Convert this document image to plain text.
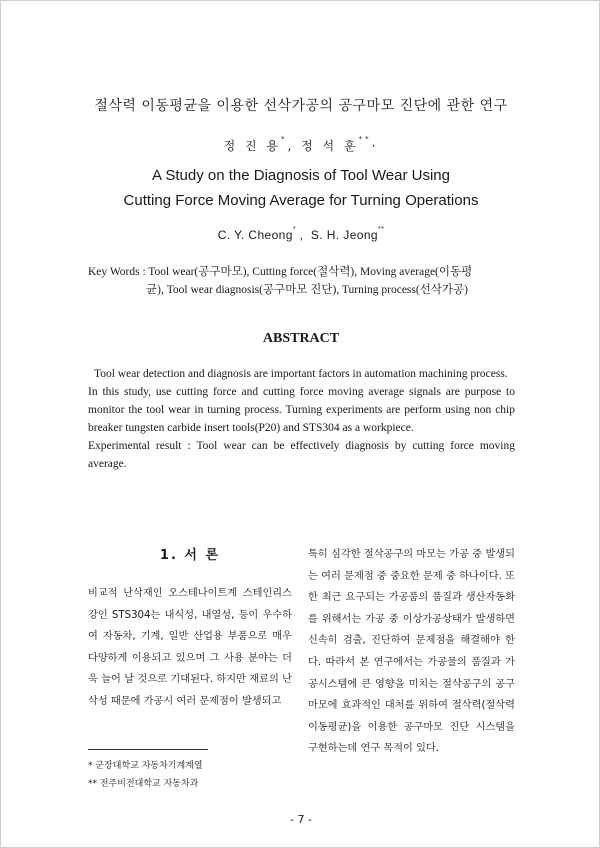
절삭력 이동평균을 이용한 선삭가공의 공구마모 진단에 관한 연구
정 진 용*, 정 석 훈**·
A Study on the Diagnosis of Tool Wear Using
Cutting Force Moving Average for Turning Operations
C. Y. Cheong* ,  S. H. Jeong**
Key Words : Tool wear(공구마모), Cutting force(절삭력), Moving average(이동평
균), Tool wear diagnosis(공구마모 진단), Turning process(선삭가공)
ABSTRACT

Tool wear detection and diagnosis are important factors in automation machining process.

In this study, use cutting force and cutting force moving average signals are purpose to monitor the tool wear in turning process. Turning experiments are perform using non chip breaker tungsten carbide insert tools(P20) and STS304 as a workpiece.

Experimental result : Tool wear can be effectively diagnosis by cutting force moving average.

1. 서 론

비교적 난삭재인 오스테나이트계 스테인리스강인 STS304는 내식성, 내열성, 등이 우수하여 자동차, 기계, 일반 산업용 부품으로 매우 다양하게 이용되고 있으며 그 사용 분야는 더욱 늘어 날 것으로 기대된다. 하지만 재료의 난삭성 때문에 가공시 여러 문제점이 발생되고

특히 심각한 절삭공구의 마모는 가공 중 발생되는 여러 문제점 중 중요한 문제 중 하나이다. 또한 최근 요구되는 가공품의 품질과 생산자동화를 위해서는 가공 중 이상가공상태가 발생하면 신속히 검출, 진단하여 문제점을 해결해야 한다. 따라서 본 연구에서는 가공물의 품질과 가공시스템에 큰 영향을 미치는 절삭공구의 공구마모에 효과적인 대처를 위하여 절삭력(절삭력 이동평균)을 이용한 공구마모 진단 시스템을 구현하는데 연구 목적이 있다.

* 군장대학교 자동차기계계열
** 전주비전대학교 자동차과
- 7 -
